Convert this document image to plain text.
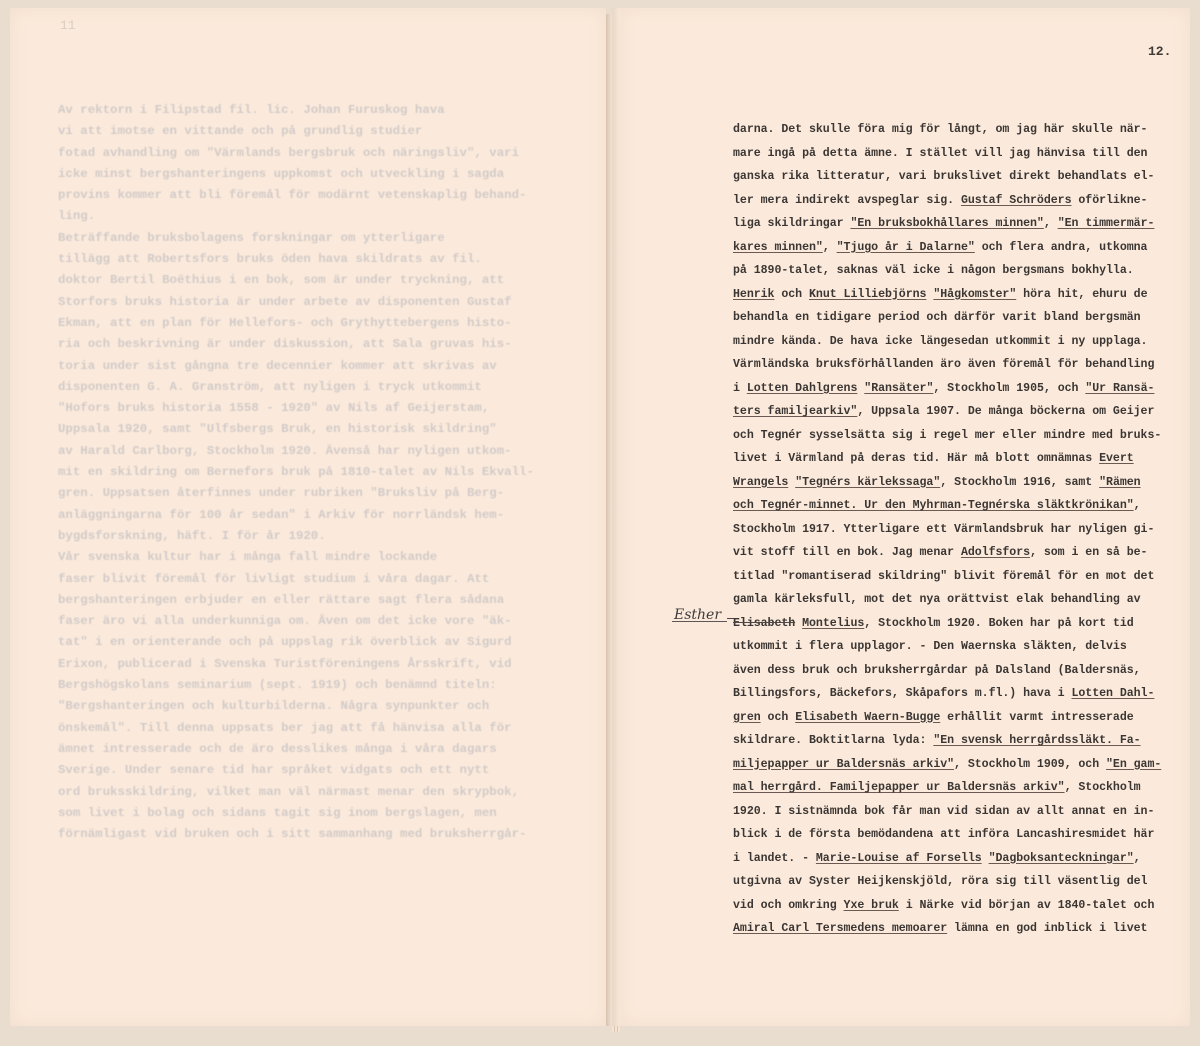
11
Av rektorn i Filipstad fil. lic. Johan Furuskog hava
vi att imotse en vittande och på grundlig studier
fotad avhandling om "Värmlands bergsbruk och näringsliv", vari
icke minst bergshanteringens uppkomst och utveckling i sagda
provins kommer att bli föremål för modärnt vetenskaplig behand-
ling.
Beträffande bruksbolagens forskningar om ytterligare
tillägg att Robertsfors bruks öden hava skildrats av fil.
doktor Bertil Boëthius i en bok, som är under tryckning, att
Storfors bruks historia är under arbete av disponenten Gustaf
Ekman, att en plan för Hellefors- och Grythyttebergens histo-
ria och beskrivning är under diskussion, att Sala gruvas his-
toria under sist gångna tre decennier kommer att skrivas av
disponenten G. A. Granström, att nyligen i tryck utkommit
"Hofors bruks historia 1558 - 1920" av Nils af Geijerstam,
Uppsala 1920, samt "Ulfsbergs Bruk, en historisk skildring"
av Harald Carlborg, Stockholm 1920. Ävenså har nyligen utkom-
mit en skildring om Bernefors bruk på 1810-talet av Nils Ekvall-
gren. Uppsatsen återfinnes under rubriken "Bruksliv på Berg-
anläggningarna för 100 år sedan" i Arkiv för norrländsk hem-
bygdsforskning, häft. I för år 1920.
Vår svenska kultur har i många fall mindre lockande
faser blivit föremål för livligt studium i våra dagar. Att
bergshanteringen erbjuder en eller rättare sagt flera sådana
faser äro vi alla underkunniga om. Även om det icke vore "äk-
tat" i en orienterande och på uppslag rik överblick av Sigurd
Erixon, publicerad i Svenska Turistföreningens Årsskrift, vid
Bergshögskolans seminarium (sept. 1919) och benämnd titeln:
"Bergshanteringen och kulturbilderna. Några synpunkter och
önskemål". Till denna uppsats ber jag att få hänvisa alla för
ämnet intresserade och de äro desslikes många i våra dagars
Sverige. Under senare tid har språket vidgats och ett nytt
ord bruksskildring, vilket man väl närmast menar den skrypbok,
som livet i bolag och sidans tagit sig inom bergslagen, men
förnämligast vid bruken och i sitt sammanhang med bruksherrgår-
12.
Esther
darna. Det skulle föra mig för långt, om jag här skulle när-
mare ingå på detta ämne. I stället vill jag hänvisa till den
ganska rika litteratur, vari brukslivet direkt behandlats el-
ler mera indirekt avspeglar sig. Gustaf Schröders oförlikne-
liga skildringar "En bruksbokhållares minnen", "En timmermär-
kares minnen", "Tjugo år i Dalarne" och flera andra, utkomna
på 1890-talet, saknas väl icke i någon bergsmans bokhylla.
Henrik och Knut Lilliebjörns "Hågkomster" höra hit, ehuru de
behandla en tidigare period och därför varit bland bergsmän
mindre kända. De hava icke längesedan utkommit i ny upplaga.
Värmländska bruksförhållanden äro även föremål för behandling
i Lotten Dahlgrens "Ransäter", Stockholm 1905, och "Ur Ransä-
ters familjearkiv", Uppsala 1907. De många böckerna om Geijer
och Tegnér sysselsätta sig i regel mer eller mindre med bruks-
livet i Värmland på deras tid. Här må blott omnämnas Evert
Wrangels "Tegnérs kärlekssaga", Stockholm 1916, samt "Rämen
och Tegnér-minnet. Ur den Myhrman-Tegnérska släktkrönikan",
Stockholm 1917. Ytterligare ett Värmlandsbruk har nyligen gi-
vit stoff till en bok. Jag menar Adolfsfors, som i en så be-
titlad "romantiserad skildring" blivit föremål för en mot det
gamla kärleksfull, mot det nya orättvist elak behandling av
Elisabeth Montelius, Stockholm 1920. Boken har på kort tid
utkommit i flera upplagor. - Den Waernska släkten, delvis
även dess bruk och bruksherrgårdar på Dalsland (Baldersnäs,
Billingsfors, Bäckefors, Skåpafors m.fl.) hava i Lotten Dahl-
gren och Elisabeth Waern-Bugge erhållit varmt intresserade
skildrare. Boktitlarna lyda: "En svensk herrgårdssläkt. Fa-
miljepapper ur Baldersnäs arkiv", Stockholm 1909, och "En gam-
mal herrgård. Familjepapper ur Baldersnäs arkiv", Stockholm
1920. I sistnämnda bok får man vid sidan av allt annat en in-
blick i de första bemödandena att införa Lancashiresmidet här
i landet. - Marie-Louise af Forsells "Dagboksanteckningar",
utgivna av Syster Heijkenskjöld, röra sig till väsentlig del
vid och omkring Yxe bruk i Närke vid början av 1840-talet och
Amiral Carl Tersmedens memoarer lämna en god inblick i livet
